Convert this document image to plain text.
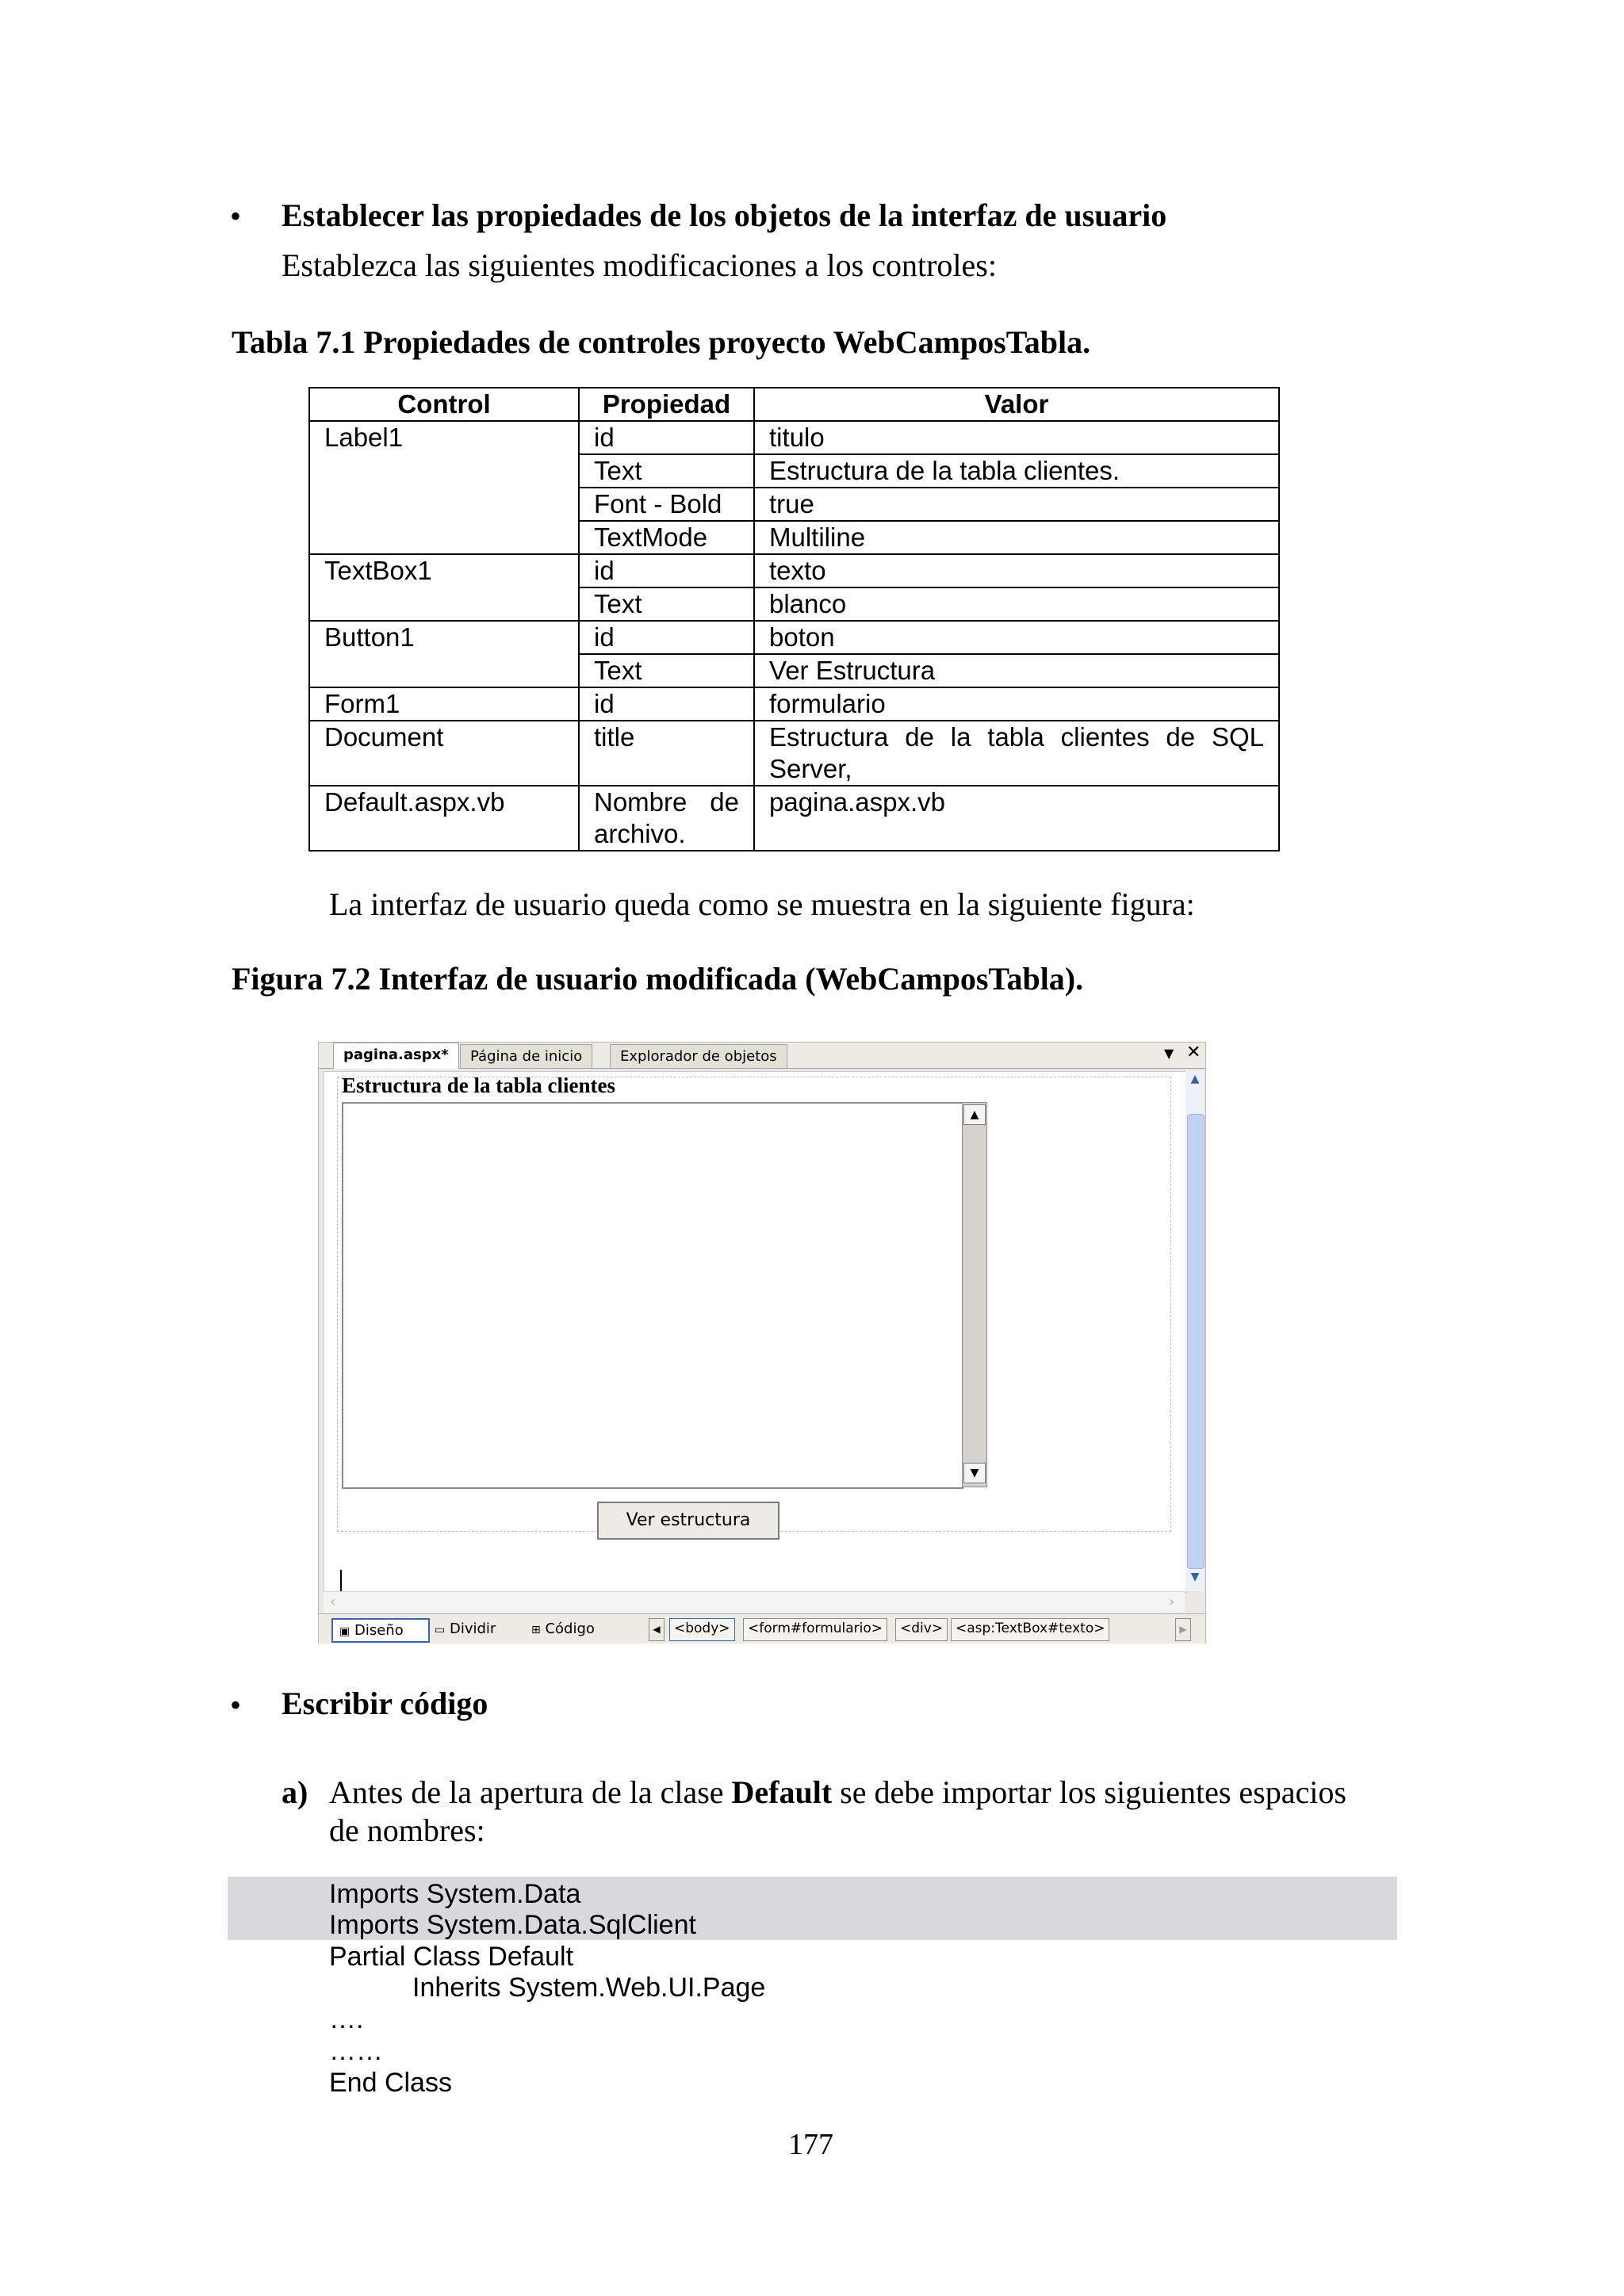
• Establecer las propiedades de los objetos de la interfaz de usuario
Establezca las siguientes modificaciones a los controles:
Tabla 7.1 Propiedades de controles proyecto WebCamposTabla.
Control	Propiedad	Valor
Label1	id	titulo
	Text	Estructura de la tabla clientes.
	Font - Bold	true
	TextMode	Multiline
TextBox1	id	texto
	Text	blanco
Button1	id	boton
	Text	Ver Estructura
Form1	id	formulario
Document	title	Estructura de la tabla clientes de SQL Server,
Default.aspx.vb	Nombre de archivo.	pagina.aspx.vb
La interfaz de usuario queda como se muestra en la siguiente figura:
Figura 7.2 Interfaz de usuario modificada (WebCamposTabla).
pagina.aspx*	Página de inicio	Explorador de objetos	▼ ✕
Estructura de la tabla clientes
▲
▼
Ver estructura
▲
▼
‹	›
▣ Diseño	▭ Dividir	⊞ Código	◀	<body>	<form#formulario>	<div> <asp:TextBox#texto>	▶
• Escribir código
a) Antes de la apertura de la clase Default se debe importar los siguientes espacios
de nombres:
Imports System.Data
Imports System.Data.SqlClient
Partial Class Default
Inherits System.Web.UI.Page
….
……
End Class
177
